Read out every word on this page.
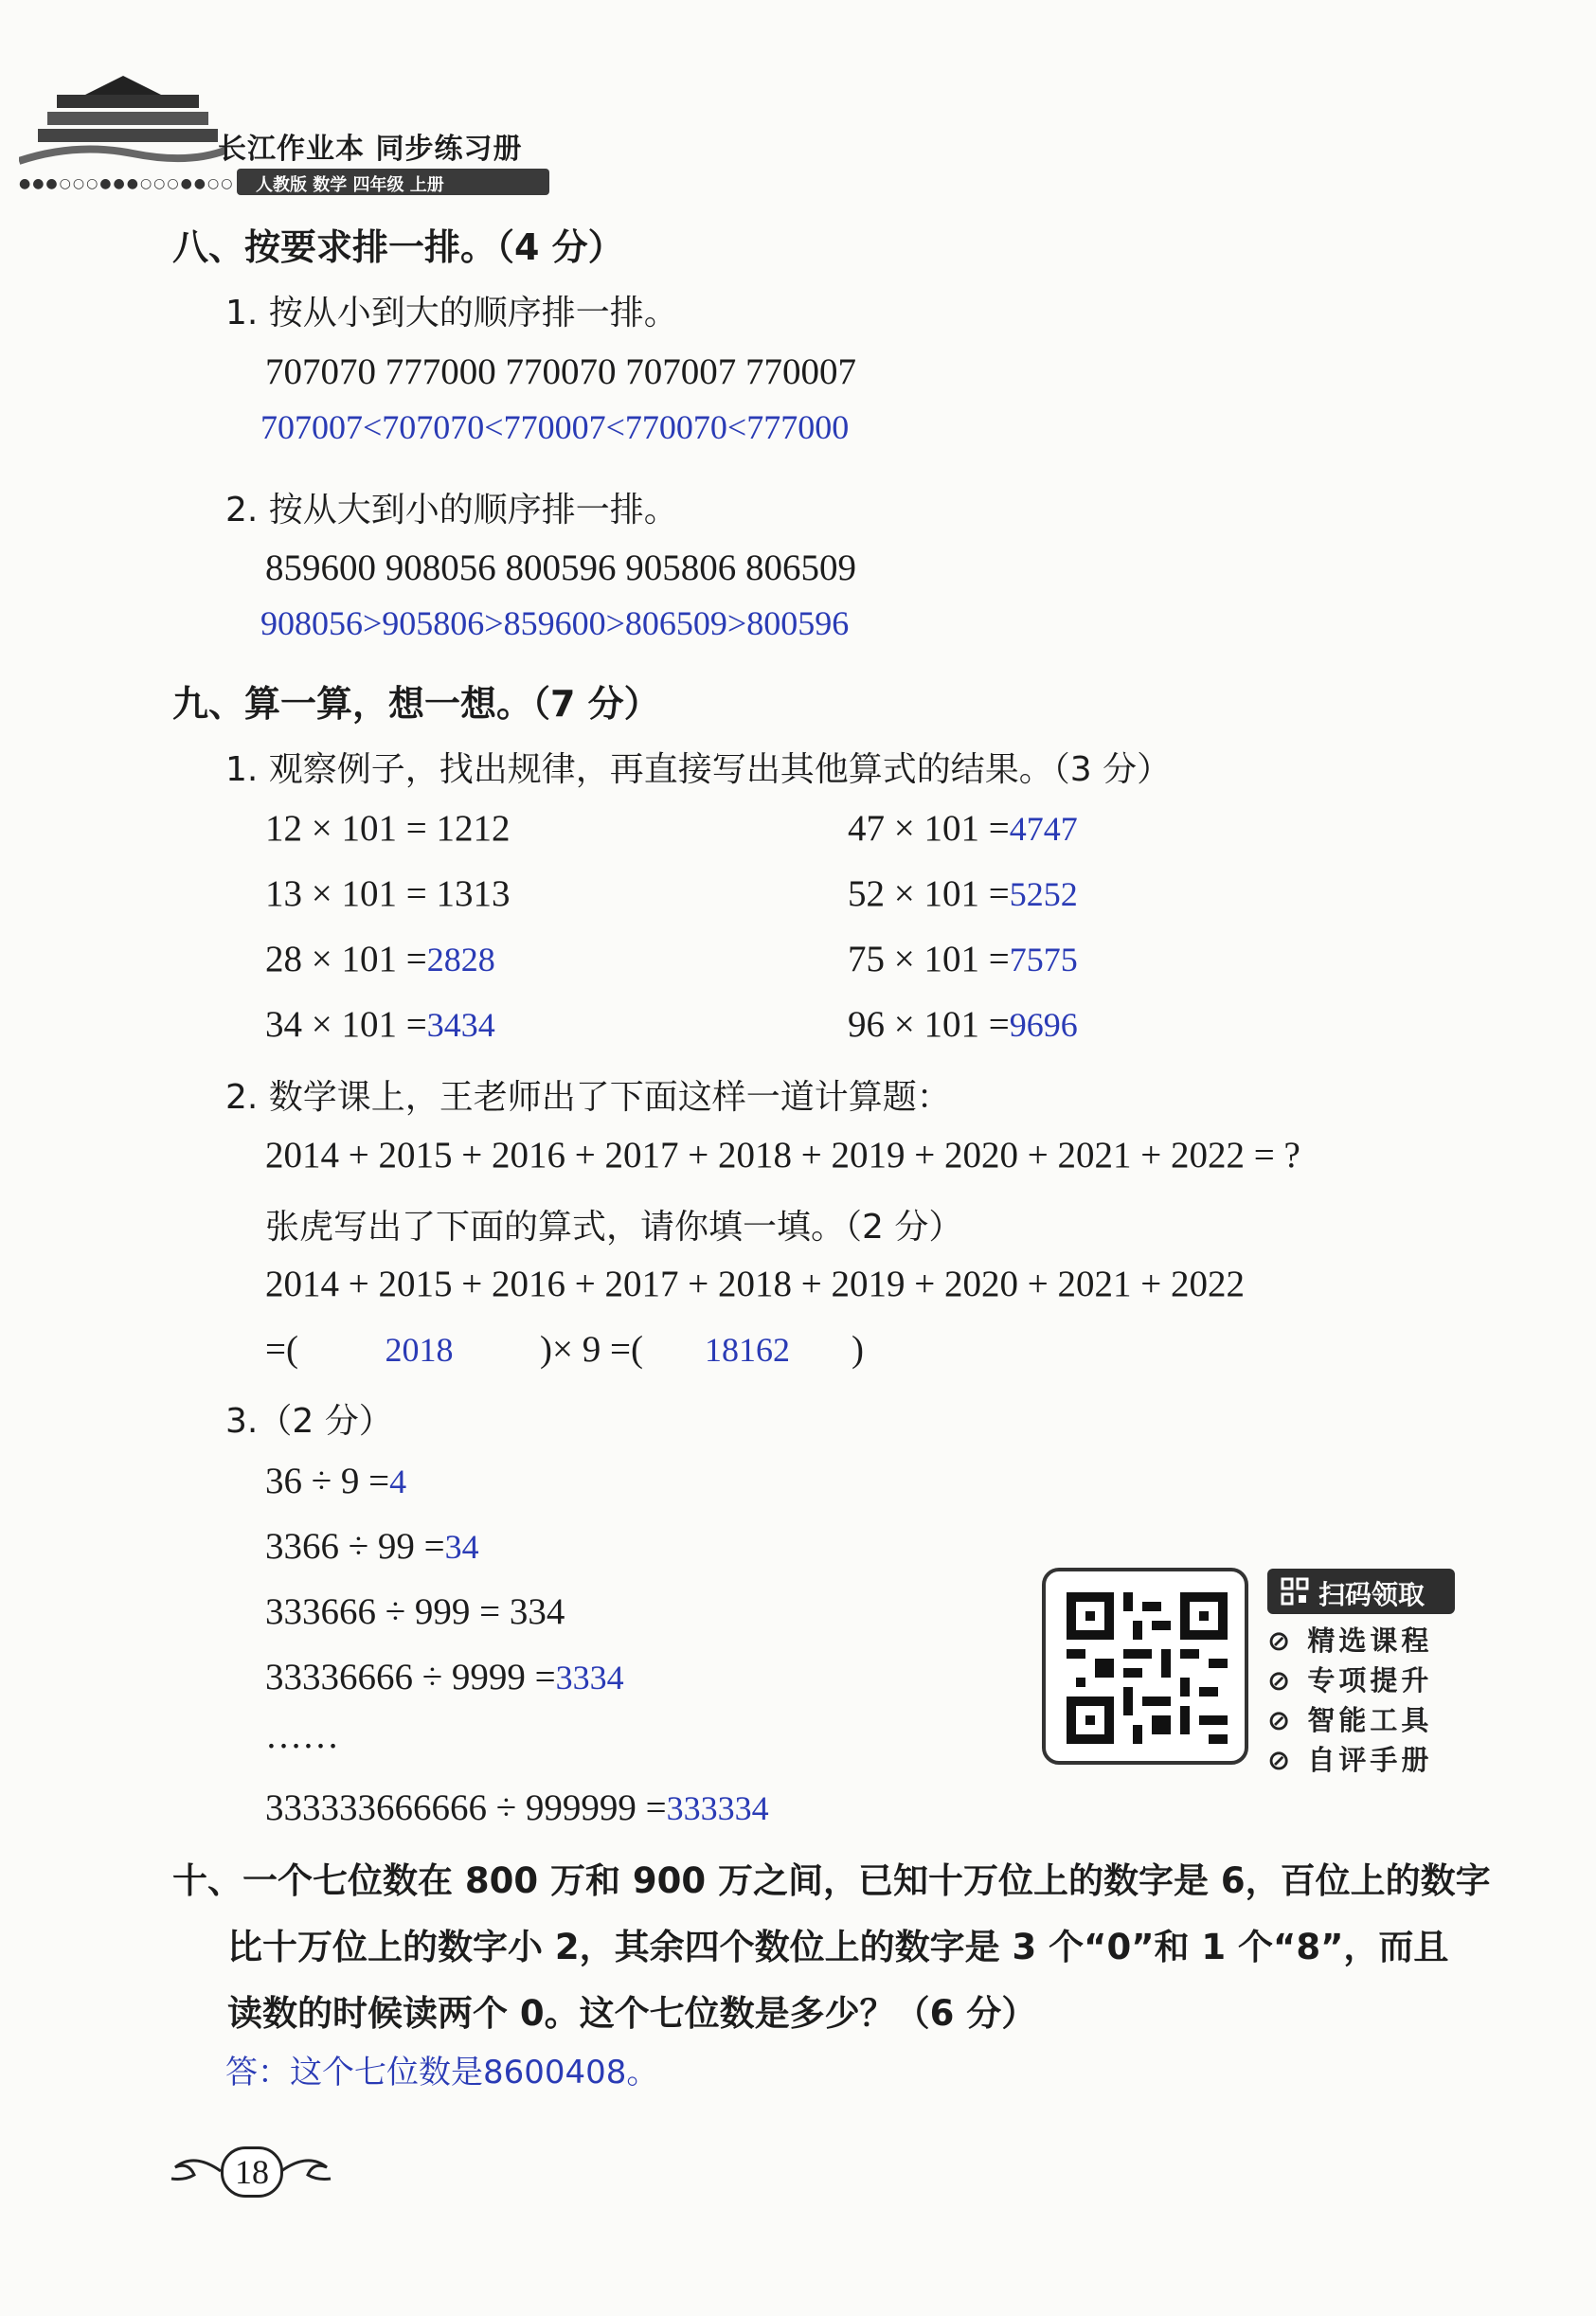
长江作业本 同步练习册
人教版 数学 四年级 上册
●●●○○○●●●○○○●●○○
八、按要求排一排。（4 分）
1. 按从小到大的顺序排一排。
707070 777000 770070 707007 770007
707007<707070<770007<770070<777000
2. 按从大到小的顺序排一排。
859600 908056 800596 905806 806509
908056>905806>859600>806509>800596
九、算一算，想一想。（7 分）
1. 观察例子，找出规律，再直接写出其他算式的结果。（3 分）
12 × 101 = 1212
13 × 101 = 1313
28 × 101 =2828
34 × 101 =3434
47 × 101 =4747
52 × 101 =5252
75 × 101 =7575
96 × 101 =9696
2. 数学课上，王老师出了下面这样一道计算题：
2014 + 2015 + 2016 + 2017 + 2018 + 2019 + 2020 + 2021 + 2022 = ?
张虎写出了下面的算式，请你填一填。（2 分）
2014 + 2015 + 2016 + 2017 + 2018 + 2019 + 2020 + 2021 + 2022
=(	2018 )× 9 =( 18162 )
3.（2 分）
36 ÷ 9 =4
3366 ÷ 99 =34
333666 ÷ 999 = 334
33336666 ÷ 9999 =3334
……
333333666666 ÷ 999999 =333334
扫码领取
⊘ 精选课程
⊘ 专项提升
⊘ 智能工具
⊘ 自评手册
十、一个七位数在 800 万和 900 万之间，已知十万位上的数字是 6，百位上的数字
比十万位上的数字小 2，其余四个数位上的数字是 3 个“0”和 1 个“8”，而且
读数的时候读两个 0。这个七位数是多少？（6 分）
答：这个七位数是8600408。
18
